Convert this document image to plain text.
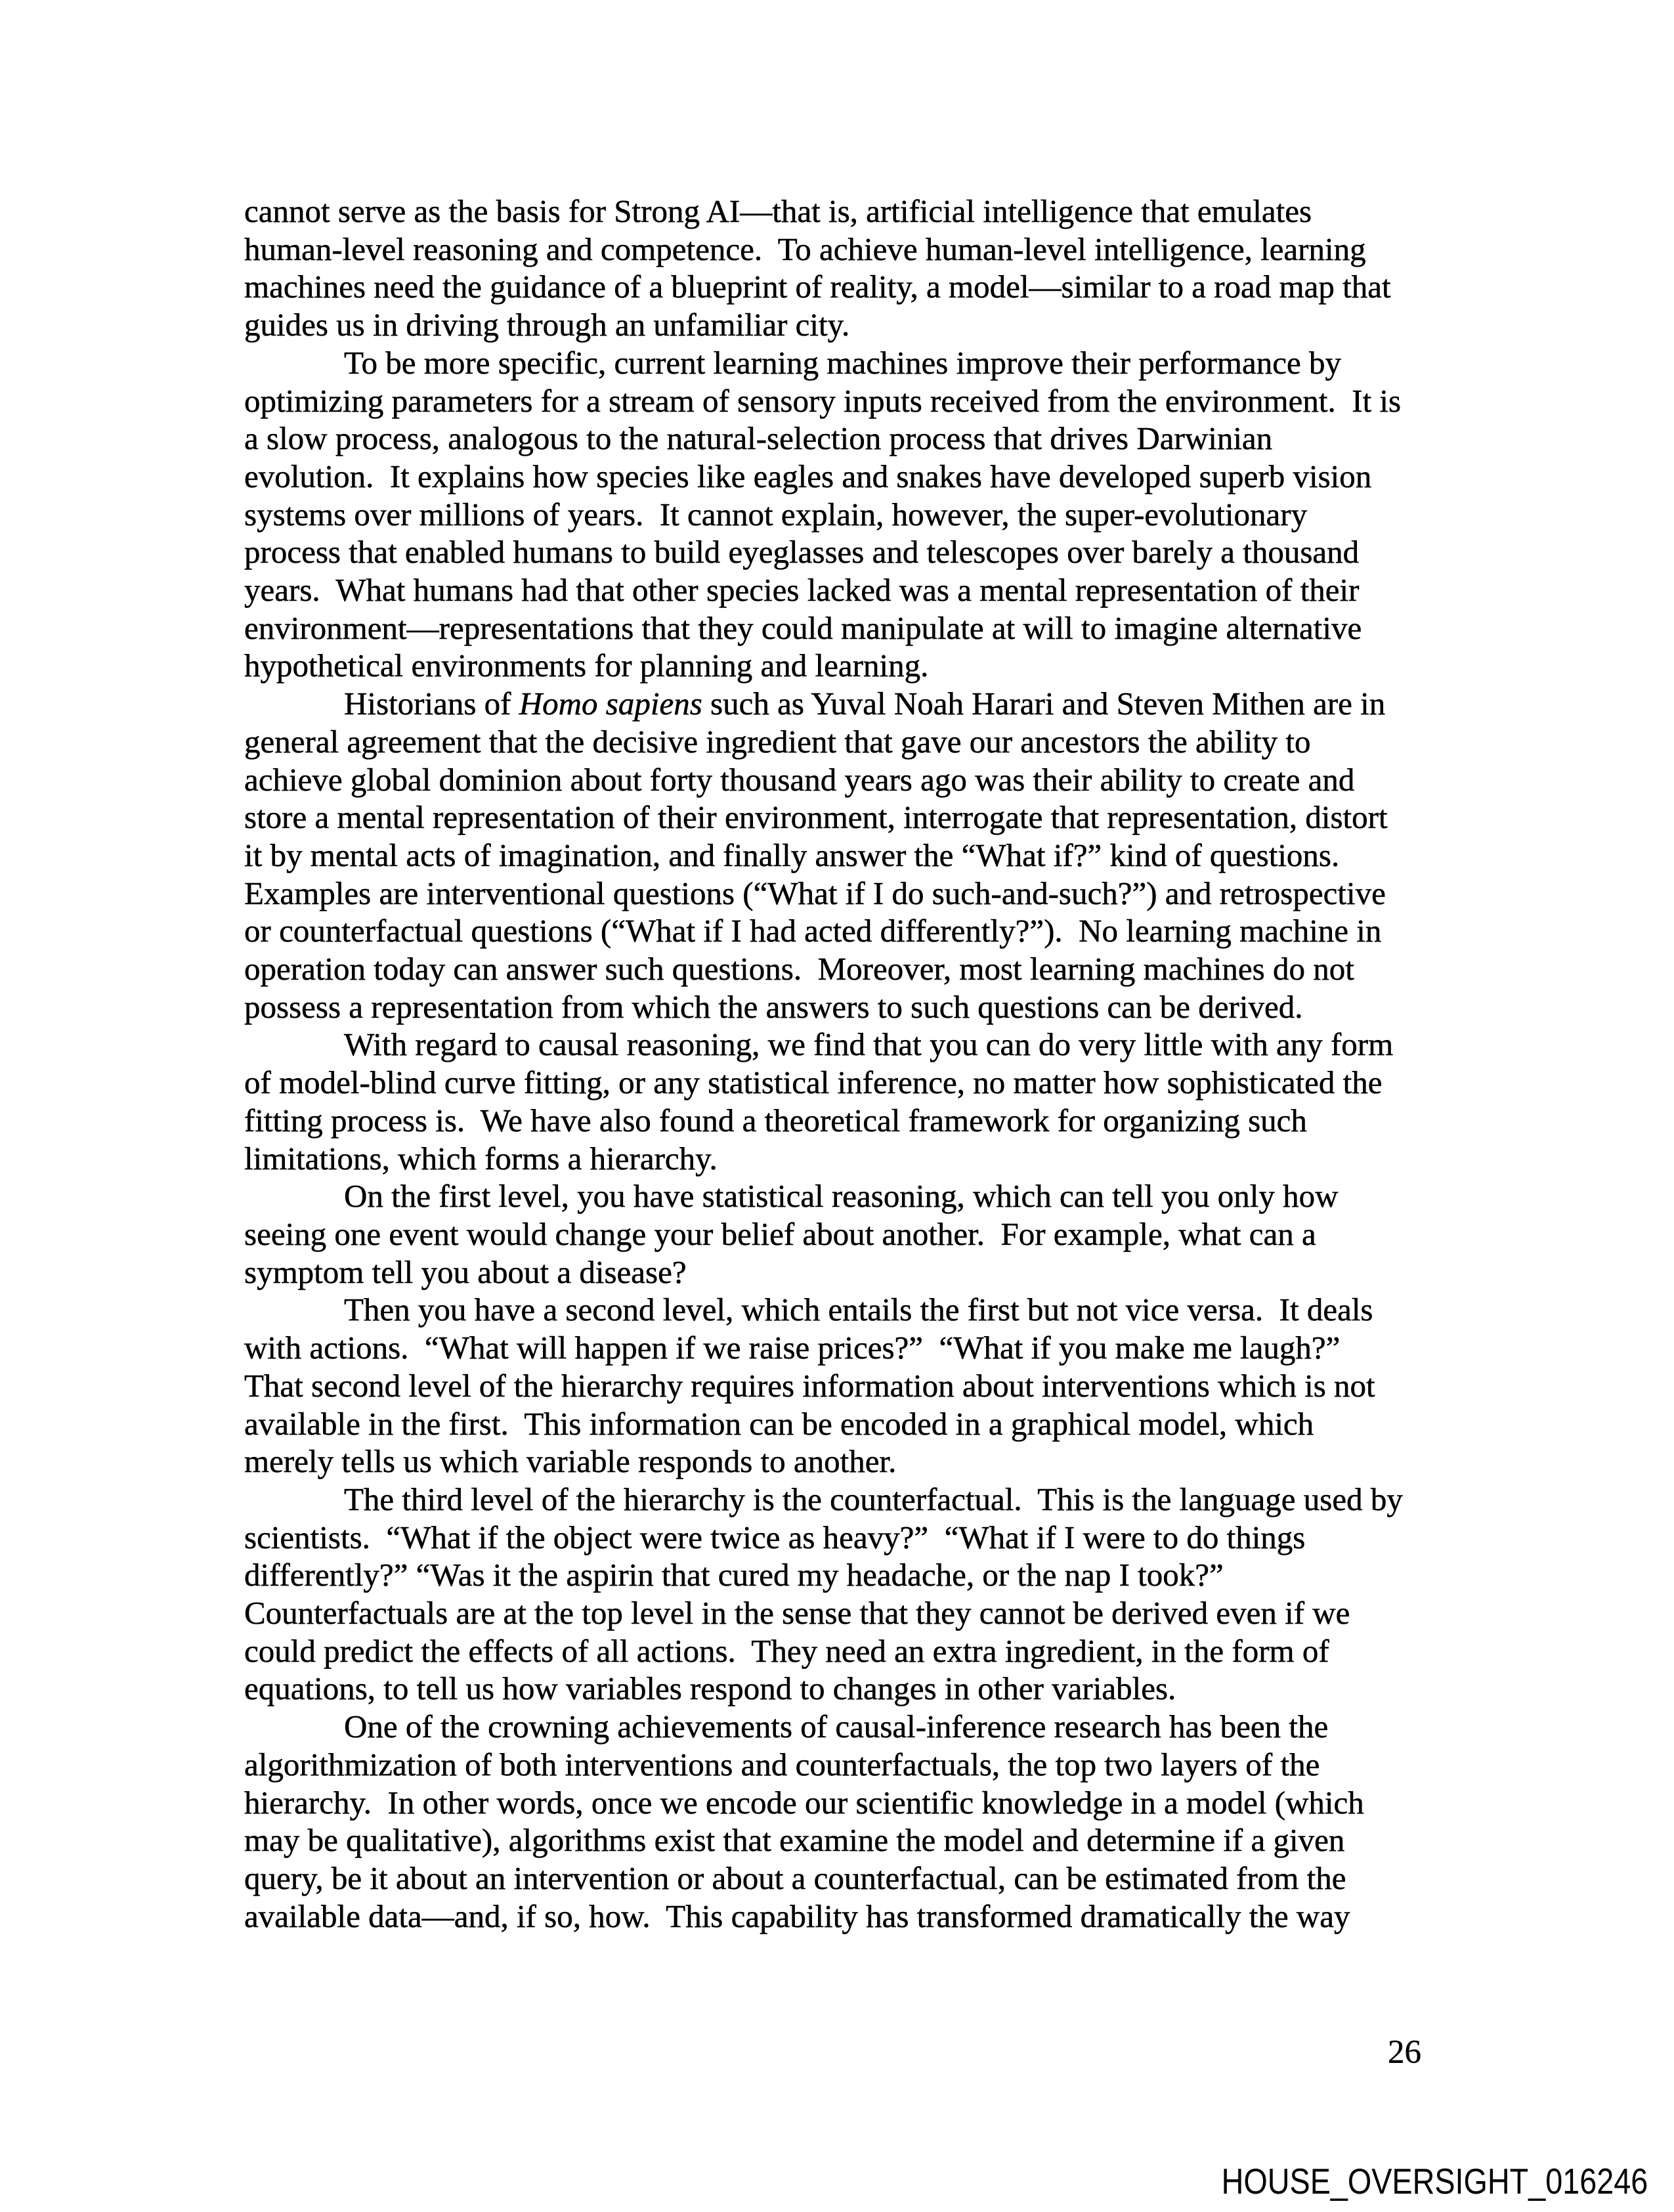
cannot serve as the basis for Strong AI—that is, artificial intelligence that emulates
human-level reasoning and competence.  To achieve human-level intelligence, learning
machines need the guidance of a blueprint of reality, a model—similar to a road map that
guides us in driving through an unfamiliar city.

To be more specific, current learning machines improve their performance by
optimizing parameters for a stream of sensory inputs received from the environment.  It is
a slow process, analogous to the natural-selection process that drives Darwinian
evolution.  It explains how species like eagles and snakes have developed superb vision
systems over millions of years.  It cannot explain, however, the super-evolutionary
process that enabled humans to build eyeglasses and telescopes over barely a thousand
years.  What humans had that other species lacked was a mental representation of their
environment—representations that they could manipulate at will to imagine alternative
hypothetical environments for planning and learning.

Historians of Homo sapiens such as Yuval Noah Harari and Steven Mithen are in
general agreement that the decisive ingredient that gave our ancestors the ability to
achieve global dominion about forty thousand years ago was their ability to create and
store a mental representation of their environment, interrogate that representation, distort
it by mental acts of imagination, and finally answer the “What if?” kind of questions.
Examples are interventional questions (“What if I do such-and-such?”) and retrospective
or counterfactual questions (“What if I had acted differently?”).  No learning machine in
operation today can answer such questions.  Moreover, most learning machines do not
possess a representation from which the answers to such questions can be derived.

With regard to causal reasoning, we find that you can do very little with any form
of model-blind curve fitting, or any statistical inference, no matter how sophisticated the
fitting process is.  We have also found a theoretical framework for organizing such
limitations, which forms a hierarchy.

On the first level, you have statistical reasoning, which can tell you only how
seeing one event would change your belief about another.  For example, what can a
symptom tell you about a disease?

Then you have a second level, which entails the first but not vice versa.  It deals
with actions.  “What will happen if we raise prices?”  “What if you make me laugh?”
That second level of the hierarchy requires information about interventions which is not
available in the first.  This information can be encoded in a graphical model, which
merely tells us which variable responds to another.

The third level of the hierarchy is the counterfactual.  This is the language used by
scientists.  “What if the object were twice as heavy?”  “What if I were to do things
differently?” “Was it the aspirin that cured my headache, or the nap I took?”
Counterfactuals are at the top level in the sense that they cannot be derived even if we
could predict the effects of all actions.  They need an extra ingredient, in the form of
equations, to tell us how variables respond to changes in other variables.

One of the crowning achievements of causal-inference research has been the
algorithmization of both interventions and counterfactuals, the top two layers of the
hierarchy.  In other words, once we encode our scientific knowledge in a model (which
may be qualitative), algorithms exist that examine the model and determine if a given
query, be it about an intervention or about a counterfactual, can be estimated from the
available data—and, if so, how.  This capability has transformed dramatically the way

26
HOUSE_OVERSIGHT_016246
